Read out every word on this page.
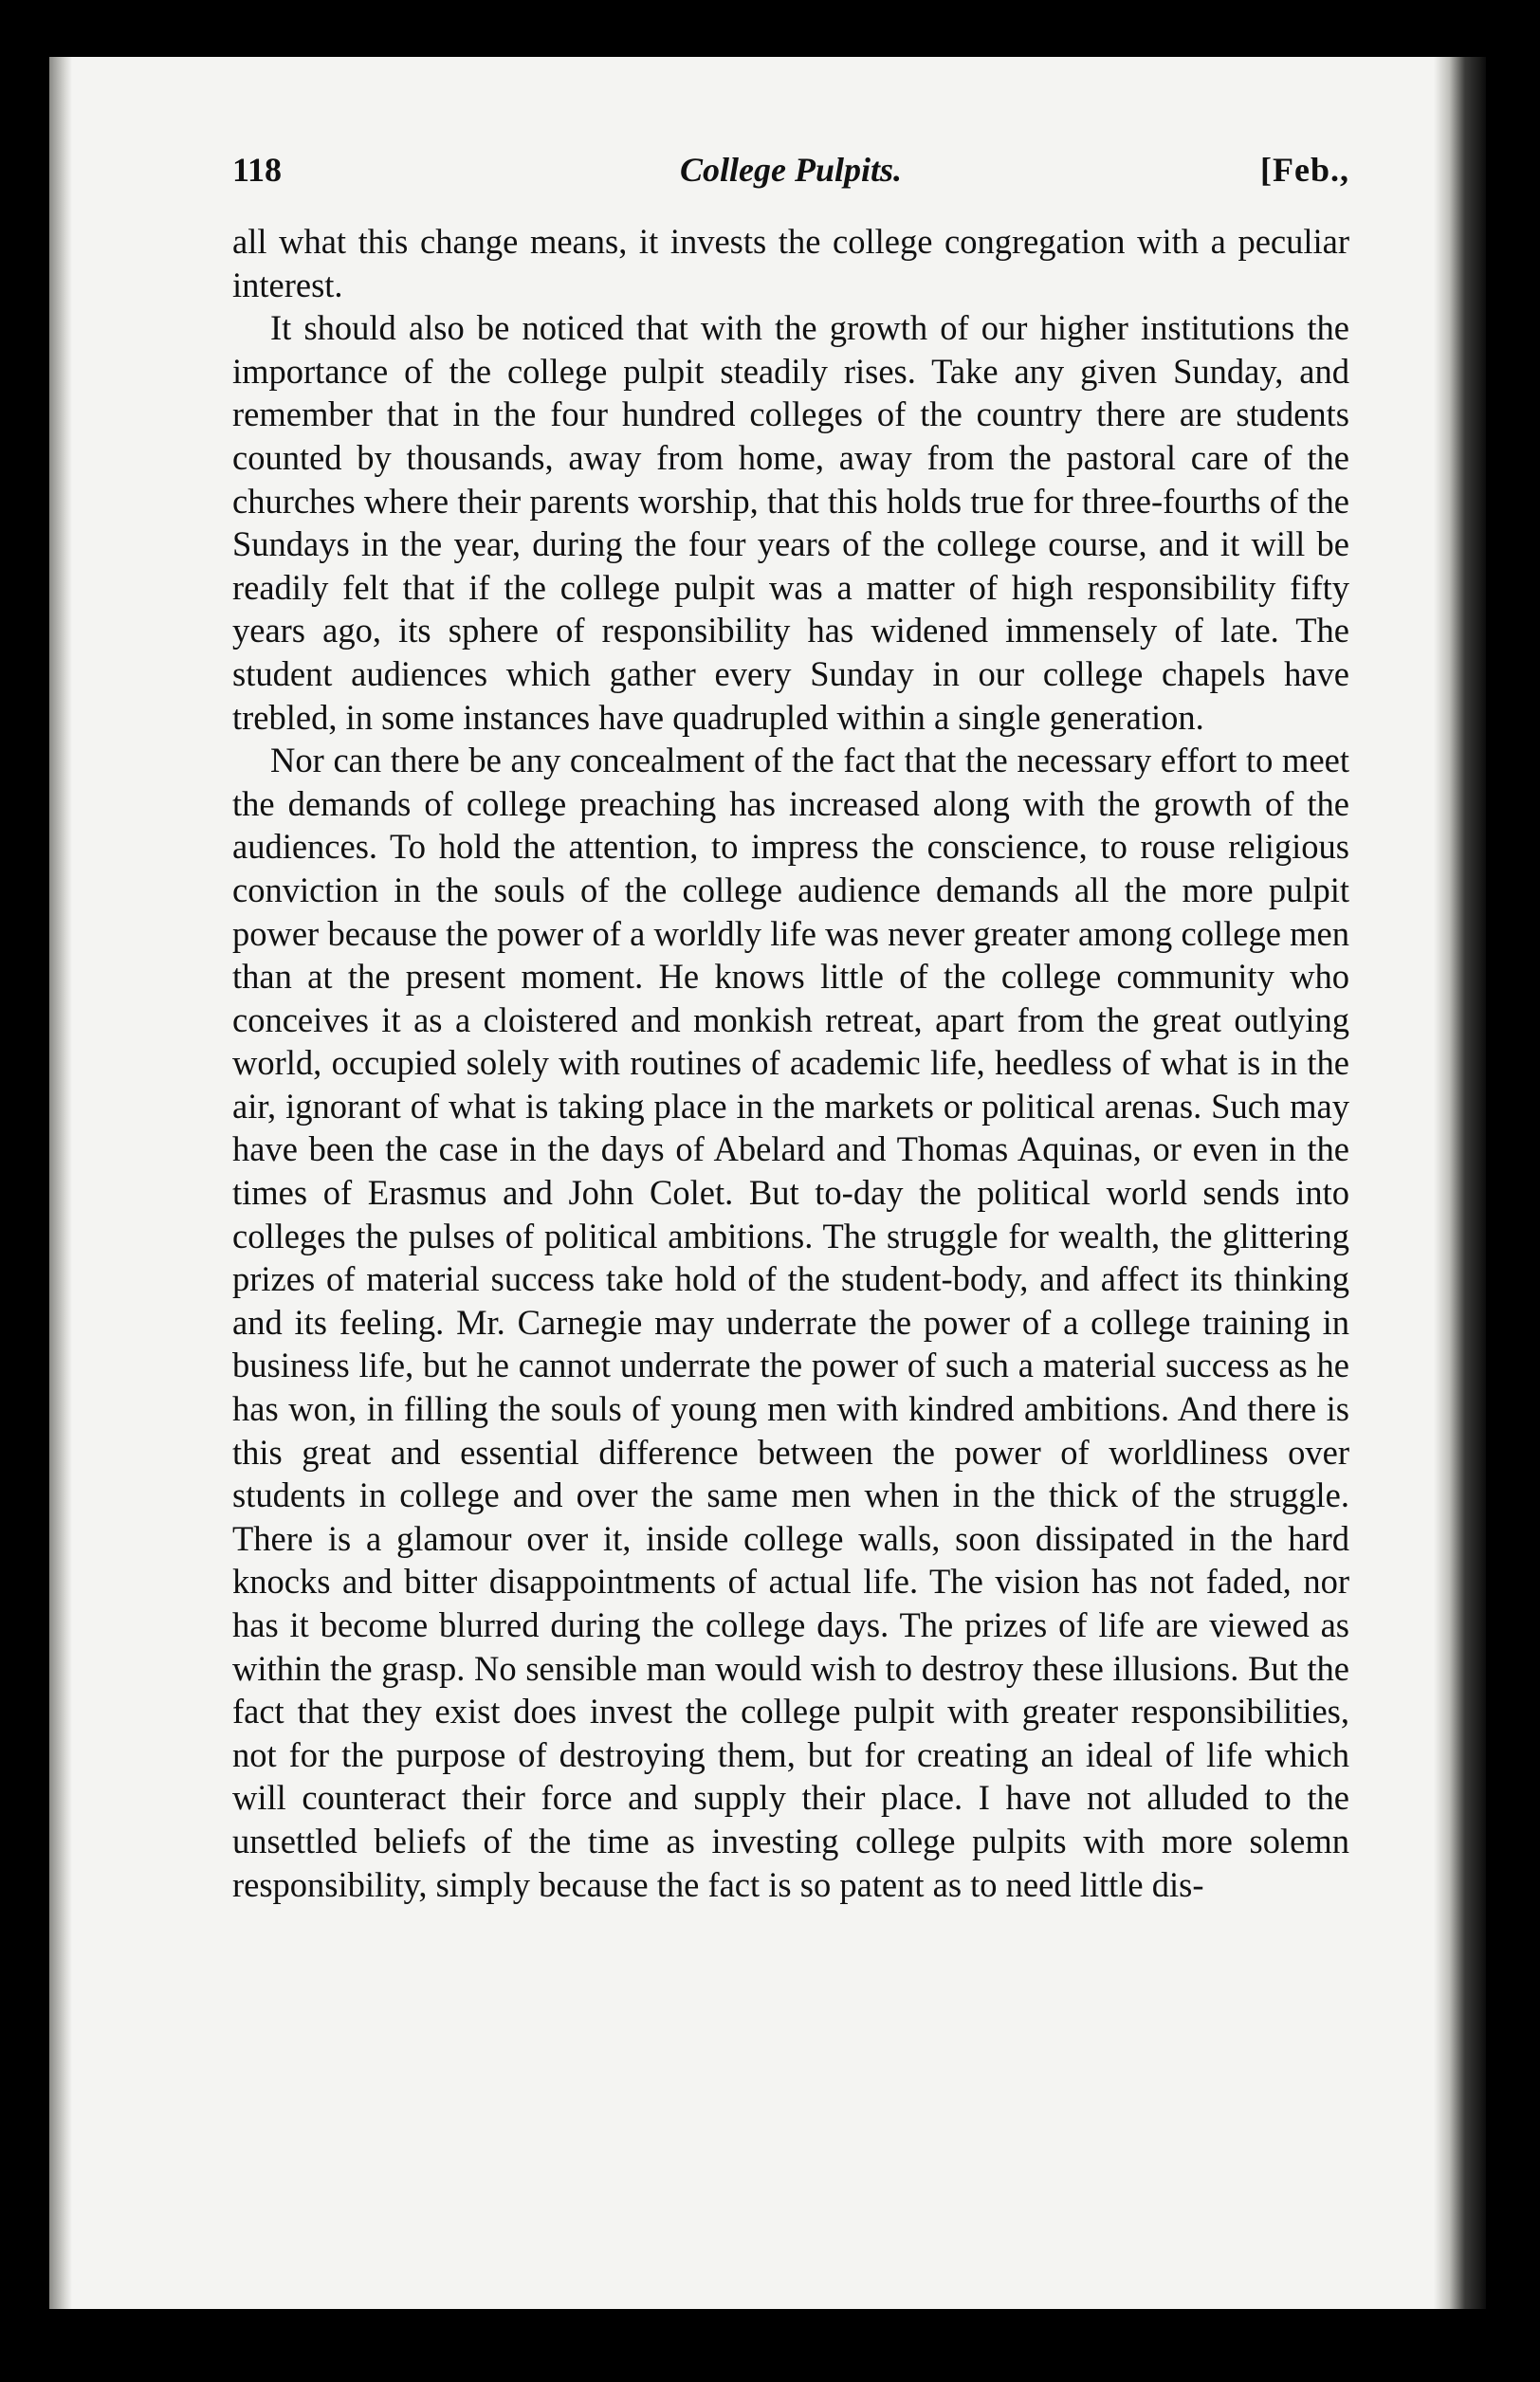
118	College Pulpits.	[Feb.,

all what this change means, it invests the college congregation with a peculiar interest.

It should also be noticed that with the growth of our higher institutions the importance of the college pulpit steadily rises. Take any given Sunday, and remember that in the four hundred colleges of the country there are students counted by thousands, away from home, away from the pastoral care of the churches where their parents worship, that this holds true for three-fourths of the Sundays in the year, during the four years of the college course, and it will be readily felt that if the college pulpit was a matter of high responsibility fifty years ago, its sphere of responsibility has widened immensely of late. The student audiences which gather every Sunday in our college chapels have trebled, in some instances have quadrupled within a single generation.

Nor can there be any concealment of the fact that the necessary effort to meet the demands of college preaching has increased along with the growth of the audiences. To hold the attention, to impress the conscience, to rouse religious conviction in the souls of the college audience demands all the more pulpit power because the power of a worldly life was never greater among college men than at the present moment. He knows little of the college community who conceives it as a cloistered and monkish retreat, apart from the great outlying world, occupied solely with routines of academic life, heedless of what is in the air, ignorant of what is taking place in the markets or political arenas. Such may have been the case in the days of Abelard and Thomas Aquinas, or even in the times of Erasmus and John Colet. But to-day the political world sends into colleges the pulses of political ambitions. The struggle for wealth, the glittering prizes of material success take hold of the student-body, and affect its thinking and its feeling. Mr. Carnegie may underrate the power of a college training in business life, but he cannot underrate the power of such a material success as he has won, in filling the souls of young men with kindred ambitions. And there is this great and essential difference between the power of worldliness over students in college and over the same men when in the thick of the struggle. There is a glamour over it, inside college walls, soon dissipated in the hard knocks and bitter disappointments of actual life. The vision has not faded, nor has it become blurred during the college days. The prizes of life are viewed as within the grasp. No sensible man would wish to destroy these illusions. But the fact that they exist does invest the college pulpit with greater responsibilities, not for the purpose of destroying them, but for creating an ideal of life which will counteract their force and supply their place. I have not alluded to the unsettled beliefs of the time as investing college pulpits with more solemn responsibility, simply because the fact is so patent as to need little dis-
